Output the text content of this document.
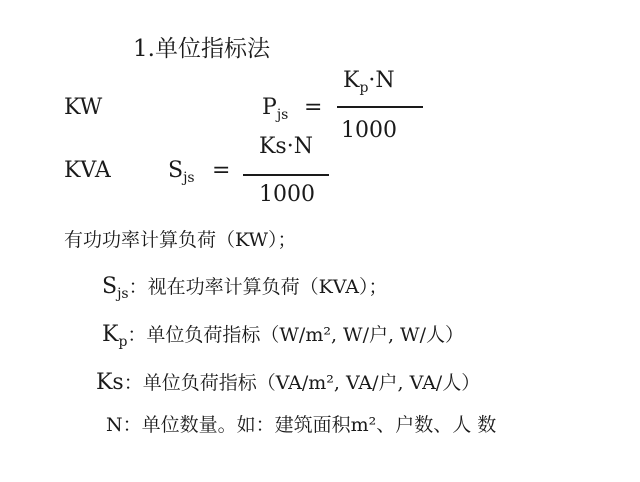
1.单位指标法
KW	$P_{js}$ =
$K_p\cdot N$
1000
KVA	$S_{js}$ =
Ks·N
1000
有功功率计算负荷（KW）；
$S_{js}$：视在功率计算负荷（KVA）；
$K_p$：单位负荷指标（W/m², W/户, W/人）
Ks：单位负荷指标（VA/m², VA/户, VA/人）
N：单位数量。如：建筑面积m²、户数、人 数
